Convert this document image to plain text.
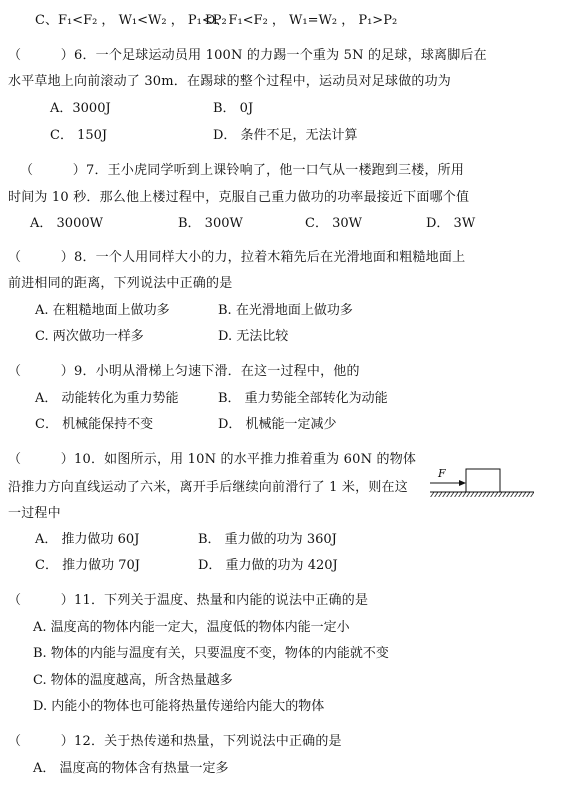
C、F₁<F₂ ， W₁<W₂ ， P₁<P₂
D、F₁<F₂ ， W₁=W₂ ， P₁>P₂
（　　　）6．一个足球运动员用 100N 的力踢一个重为 5N 的足球，球离脚后在
水平草地上向前滚动了 30m．在踢球的整个过程中，运动员对足球做的功为
A．3000J	B． 0J
C． 150J	D． 条件不足，无法计算
（　　　）7．王小虎同学听到上课铃响了，他一口气从一楼跑到三楼，所用
时间为 10 秒．那么他上楼过程中，克服自己重力做功的功率最接近下面哪个值
A． 3000W	B． 300W	C． 30W	D． 3W
（　　　）8．一个人用同样大小的力，拉着木箱先后在光滑地面和粗糙地面上
前进相同的距离，下列说法中正确的是
A. 在粗糙地面上做功多	B. 在光滑地面上做功多
C. 两次做功一样多	D. 无法比较
（　　　）9．小明从滑梯上匀速下滑．在这一过程中，他的
A． 动能转化为重力势能	B． 重力势能全部转化为动能
C． 机械能保持不变	D． 机械能一定减少
（　　　）10．如图所示，用 10N 的水平推力推着重为 60N 的物体
沿推力方向直线运动了六米，离开手后继续向前滑行了 1 米，则在这
一过程中
A． 推力做功 60J	B． 重力做的功为 360J
C． 推力做功 70J	D． 重力做的功为 420J
F
（　　　）11．下列关于温度、热量和内能的说法中正确的是
A. 温度高的物体内能一定大，温度低的物体内能一定小
B. 物体的内能与温度有关，只要温度不变，物体的内能就不变
C. 物体的温度越高，所含热量越多
D. 内能小的物体也可能将热量传递给内能大的物体
（　　　）12．关于热传递和热量，下列说法中正确的是
A． 温度高的物体含有热量一定多
